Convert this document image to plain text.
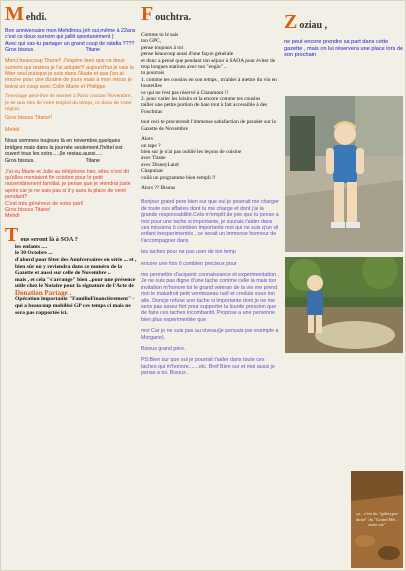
M ehdi.

Bon anniversaire mon Mehdinou,(eh oui,même à 22ans c'est ce doux surnom qui jaillit spontanément )
Avec qui vas-tu partager un grand coup de ratafia ????

Gros bisous	Titane

Merci beaucoup Titane!! J'espère bien que ce doux surnom qui restera je l'ai adopté!!! aujourd'hui je vais le fêter seul puisque je suis dans l'Aude et que j'en ai encore pour une dizaine de jours mais à mon retour je boirai un coup avec Colin Marie et Philippe

J'envisage peut-être de monter à Paris courant Novembre, je ne sais rien de votre emploi du temps, ce doux de votre région.

Gros bisous Titane!!

Mehdi

Nous sommes toujours là en novembre,quelques bridges mais dans la journée seulement.l'hôtel est ouvert tous les soirs.....(le restau.aussi.....

Gros bisous.	Titane

J'ai eu Marie et Julie au téléphone hier, elles n'ont dit qu'elles montaient fin octobre pour le petit rassemblement familial, je pense que je viendrai juste après car je ne sais pas si il y aura la place de venir pendant?
C'est très généreux de votre part!
Gros bisous Titane!
Mehdi

T ous seront là à SOA ?

les enfants ....
le 30 Octobre ...
d'abord pour fêter des Anniversaires en série ... et , bien sûr on y reviendra dans ce numéro de la Gazette et aussi sur celle de Novembre ..
mais , et cela "s'arrange" bien ..pour une présence utile chez le Notaire pour la signature de l'Acte de

Donation Partage .

Opération importante "FamilioFinancièrement" - qui a beaucoup mobilisé GP ces temps ci mais ne sera pas rapportée ici.

F ouchtra.

Comme tu le sais
ton GPC,
pense toujours à toi
pense beaucoup aussi d'une façon générale
et donc a pensé que pendant ton séjour à SAOA pour éviter de trop longues stations avec ton "engin" ..
tu pourrais
1. comme tes cousins en son temps , m'aider à mettre du vin en bouteilles
ce qui ne t'est pas réservé à Chaumont !!
2. pour varier les loisirs et la encore comme tes cousins
tailler une petite portion de haie tout à fait accessible à des Fouchtras

tout ceci te procurerait l'immense satisfaction de parader sur la Gazette de Novembre

Alors
on tape ?
bien sur je n'ai pas oublié les leçons de cuisine
avec Titane
avec DisneyLand
Chapuizat
voilà un programme bien rempli !!

Alors ?? Bisous

Bonjour grand pere bien sur que oui je pourrait me charger de toute ces affaires dont tu me charge et dont j'ai la grande responsabilité.Cela m'emplit de joie que tu pense a moi pour une tache si importante, je suurais t'aider dans ces missions ô combien importante moi qui ne suis q'un vil enfant inexperimentés , ce serait un immense honneur de t'accompagner dans

tes taches pour ne pas user de ton temp

encore une fois ô combien precieux pour

me permettre d'acquerir connaissance et experimentation . Je ne suis pas digne d'une tache comme celle la mais ton invitation m'honore toi le grand veteran de la vie me prend moi le maladroit petit vermisseau naïf et credule sous ton aile. Doncje refuse une tache si importante dont je ne me sens pas assez fort pour supporter la lourde pression que de faire ces taches incombantit. Propose a une personne bien plus experimentée que

moi Car je ne suis pas au niveau(je pensais par exemple a Morgane).

Bisous grand père.

PS:Bien sur que oui je pourrait t'aider dans toute ces taches qui m'honore.......etc. Bref Bien sur et moi aussi je pense a toi. Bisous .

Z oziau ,

ne peut encore prendre sa part dans cette gazette , mais on lui réservera une place lors de son prochain

ça , c'est du "galetypre dosté" du "Grand Mé... autre aie"
